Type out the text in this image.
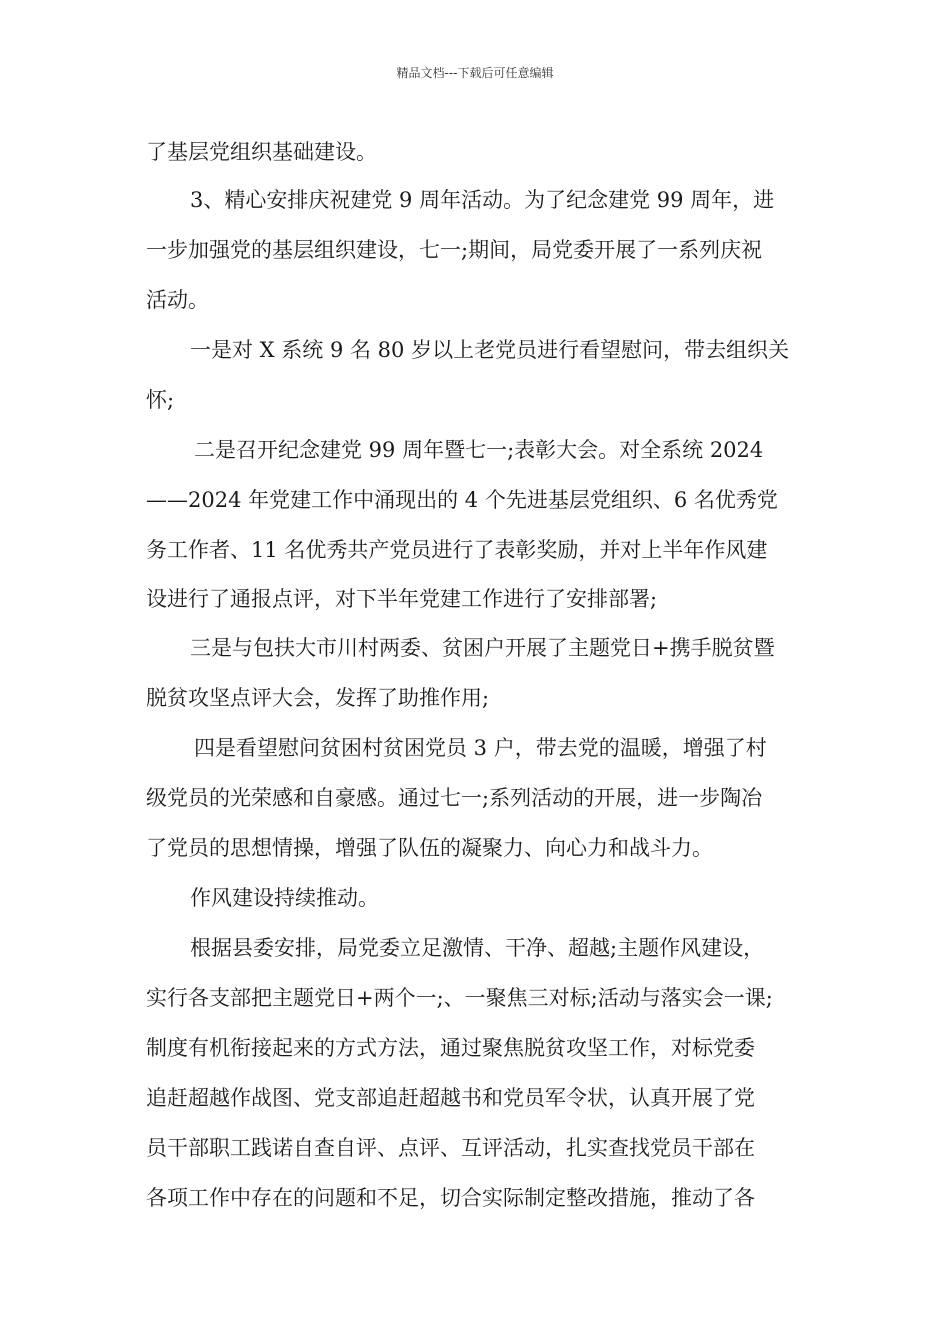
精品文档---下载后可任意编辑
了基层党组织基础建设。
3、精心安排庆祝建党 9 周年活动。为了纪念建党 99 周年，进
一步加强党的基层组织建设，七一;期间，局党委开展了一系列庆祝
活动。
一是对 X 系统 9 名 80 岁以上老党员进行看望慰问，带去组织关
怀;
二是召开纪念建党 99 周年暨七一;表彰大会。对全系统 2024
——2024 年党建工作中涌现出的 4 个先进基层党组织、6 名优秀党
务工作者、11 名优秀共产党员进行了表彰奖励，并对上半年作风建
设进行了通报点评，对下半年党建工作进行了安排部署;
三是与包扶大市川村两委、贫困户开展了主题党日+携手脱贫暨
脱贫攻坚点评大会，发挥了助推作用;
四是看望慰问贫困村贫困党员 3 户，带去党的温暖，增强了村
级党员的光荣感和自豪感。通过七一;系列活动的开展，进一步陶冶
了党员的思想情操，增强了队伍的凝聚力、向心力和战斗力。
作风建设持续推动。
根据县委安排，局党委立足激情、干净、超越;主题作风建设，
实行各支部把主题党日+两个一;、一聚焦三对标;活动与落实会一课;
制度有机衔接起来的方式方法，通过聚焦脱贫攻坚工作，对标党委
追赶超越作战图、党支部追赶超越书和党员军令状，认真开展了党
员干部职工践诺自查自评、点评、互评活动，扎实查找党员干部在
各项工作中存在的问题和不足，切合实际制定整改措施，推动了各
